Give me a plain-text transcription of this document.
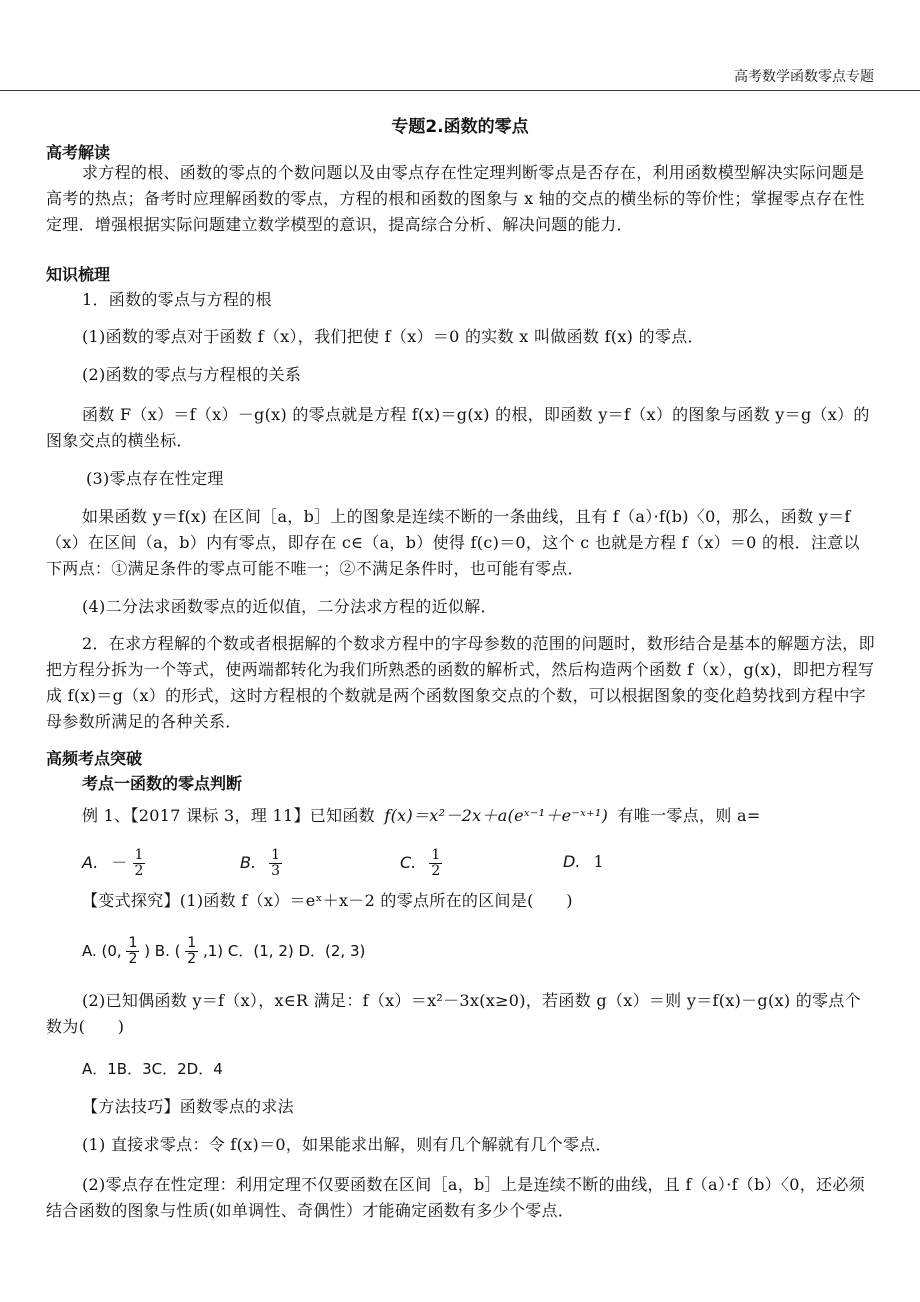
高考数学函数零点专题
专题2.函数的零点
高考解读
求方程的根、函数的零点的个数问题以及由零点存在性定理判断零点是否存在，利用函数模型解决实际问题是高考的热点；备考时应理解函数的零点，方程的根和函数的图象与 x 轴的交点的横坐标的等价性；掌握零点存在性定理．增强根据实际问题建立数学模型的意识，提高综合分析、解决问题的能力．
知识梳理
1．函数的零点与方程的根
(1)函数的零点对于函数 f（x），我们把使 f（x）＝0 的实数 x 叫做函数 f(x) 的零点．
(2)函数的零点与方程根的关系
函数 F（x）＝f（x）－g(x) 的零点就是方程 f(x)＝g(x) 的根，即函数 y＝f（x）的图象与函数 y＝g（x）的图象交点的横坐标．
(3)零点存在性定理
如果函数 y＝f(x) 在区间［a，b］上的图象是连续不断的一条曲线，且有 f（a）·f(b)〈0，那么，函数 y＝f（x）在区间（a，b）内有零点，即存在 c∈（a，b）使得 f(c)＝0，这个 c 也就是方程 f（x）＝0 的根．注意以下两点：①满足条件的零点可能不唯一；②不满足条件时，也可能有零点．
(4)二分法求函数零点的近似值，二分法求方程的近似解．
2．在求方程解的个数或者根据解的个数求方程中的字母参数的范围的问题时，数形结合是基本的解题方法，即把方程分拆为一个等式，使两端都转化为我们所熟悉的函数的解析式，然后构造两个函数 f（x），g(x)，即把方程写成 f(x)＝g（x）的形式，这时方程根的个数就是两个函数图象交点的个数，可以根据图象的变化趋势找到方程中字母参数所满足的各种关系．
高频考点突破
考点一函数的零点判断
例 1、【2017 课标 3，理 11】已知函数 f(x)＝x²－2x＋a(eˣ⁻¹＋e⁻ˣ⁺¹) 有唯一零点，则 a=
A. － $\frac{1}{2}$	B. $\frac{1}{3}$	C. $\frac{1}{2}$	D. 1
【变式探究】(1)函数 f（x）＝eˣ＋x－2 的零点所在的区间是(　　)
A. (0, $\frac{1}{2}$ ) B. ( $\frac{1}{2} ,1$) C．(1, 2) D．(2, 3)
(2)已知偶函数 y＝f（x），x∈R 满足：f（x）＝x²－3x(x≥0)，若函数 g（x）＝则 y＝f(x)－g(x) 的零点个数为(　　)
A．1B．3C．2D．4
【方法技巧】函数零点的求法
(1) 直接求零点：令 f(x)＝0，如果能求出解，则有几个解就有几个零点．
(2)零点存在性定理：利用定理不仅要函数在区间［a，b］上是连续不断的曲线，且 f（a）·f（b）〈0，还必须结合函数的图象与性质(如单调性、奇偶性）才能确定函数有多少个零点．
